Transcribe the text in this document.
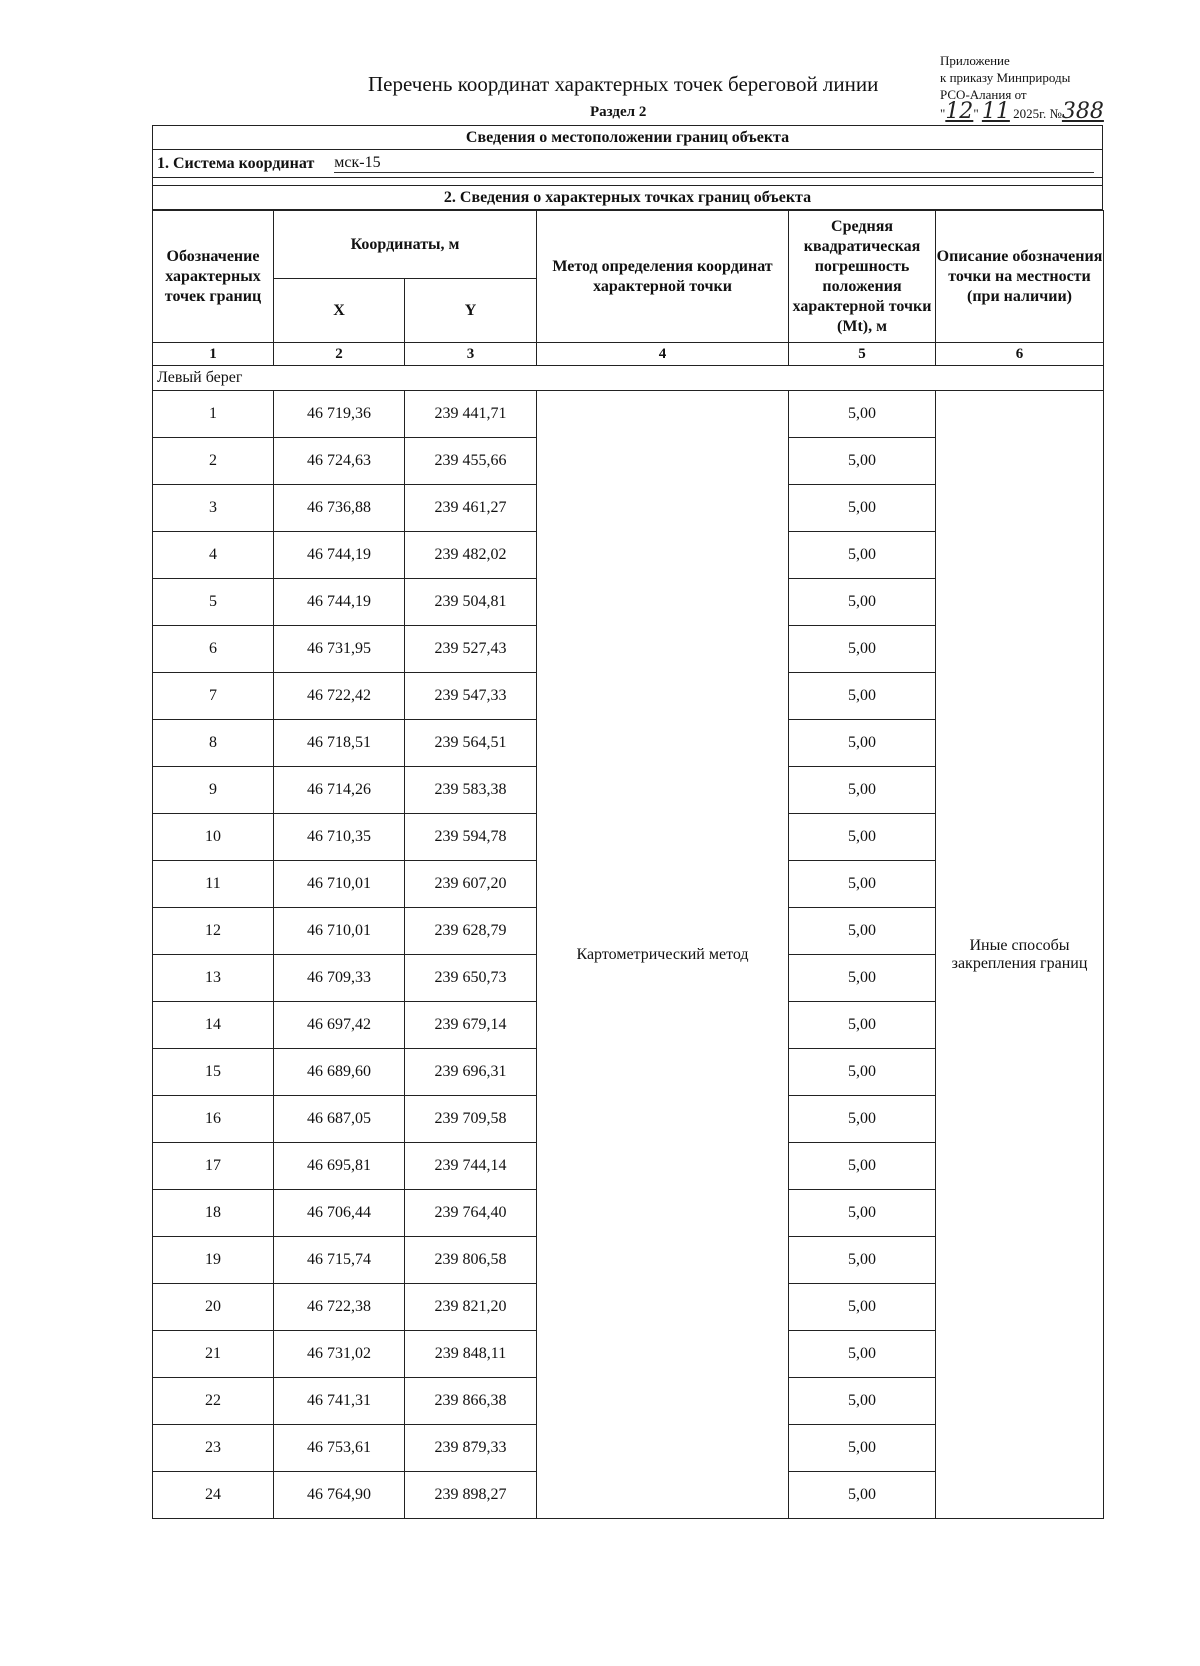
Приложение
к приказу Минприроды
РСО-Алания от
"12" 11 2025г. №388
Перечень координат характерных точек береговой линии
Раздел 2
Сведения о местоположении границ объекта
1. Система координат мск-15
2. Сведения о характерных точках границ объекта
Обозначение характерных точек границ	Координаты, м		Метод определения координат характерной точки	Средняя квадратическая погрешность положения характерной точки (Mt), м	Описание обозначения точки на местности (при наличии)
	X	Y			
1	2	3	4	5	6
Левый берег					
1	46 719,36	239 441,71	Картометрический метод	5,00	Иные способы закрепления границ
2	46 724,63	239 455,66		5,00	
3	46 736,88	239 461,27		5,00	
4	46 744,19	239 482,02		5,00	
5	46 744,19	239 504,81		5,00	
6	46 731,95	239 527,43		5,00	
7	46 722,42	239 547,33		5,00	
8	46 718,51	239 564,51		5,00	
9	46 714,26	239 583,38		5,00	
10	46 710,35	239 594,78		5,00	
11	46 710,01	239 607,20		5,00	
12	46 710,01	239 628,79		5,00	
13	46 709,33	239 650,73		5,00	
14	46 697,42	239 679,14		5,00	
15	46 689,60	239 696,31		5,00	
16	46 687,05	239 709,58		5,00	
17	46 695,81	239 744,14		5,00	
18	46 706,44	239 764,40		5,00	
19	46 715,74	239 806,58		5,00	
20	46 722,38	239 821,20		5,00	
21	46 731,02	239 848,11		5,00	
22	46 741,31	239 866,38		5,00	
23	46 753,61	239 879,33		5,00	
24	46 764,90	239 898,27		5,00	
